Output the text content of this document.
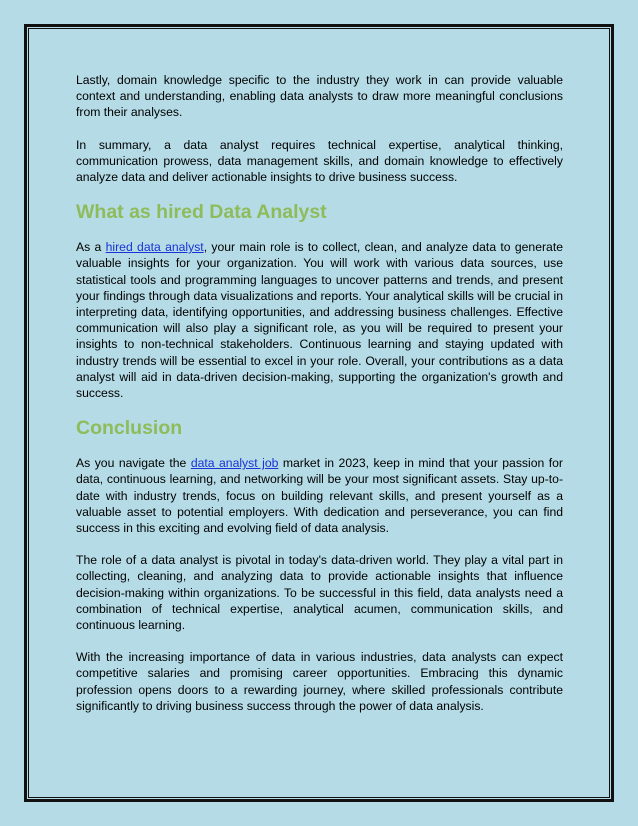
Lastly, domain knowledge specific to the industry they work in can provide valuable context and understanding, enabling data analysts to draw more meaningful conclusions from their analyses.

In summary, a data analyst requires technical expertise, analytical thinking, communication prowess, data management skills, and domain knowledge to effectively analyze data and deliver actionable insights to drive business success.

What as hired Data Analyst

As a hired data analyst, your main role is to collect, clean, and analyze data to generate valuable insights for your organization. You will work with various data sources, use statistical tools and programming languages to uncover patterns and trends, and present your findings through data visualizations and reports. Your analytical skills will be crucial in interpreting data, identifying opportunities, and addressing business challenges. Effective communication will also play a significant role, as you will be required to present your insights to non-technical stakeholders. Continuous learning and staying updated with industry trends will be essential to excel in your role. Overall, your contributions as a data analyst will aid in data-driven decision-making, supporting the organization's growth and success.

Conclusion

As you navigate the data analyst job market in 2023, keep in mind that your passion for data, continuous learning, and networking will be your most significant assets. Stay up-to-date with industry trends, focus on building relevant skills, and present yourself as a valuable asset to potential employers. With dedication and perseverance, you can find success in this exciting and evolving field of data analysis.

The role of a data analyst is pivotal in today's data-driven world. They play a vital part in collecting, cleaning, and analyzing data to provide actionable insights that influence decision-making within organizations. To be successful in this field, data analysts need a combination of technical expertise, analytical acumen, communication skills, and continuous learning.

With the increasing importance of data in various industries, data analysts can expect competitive salaries and promising career opportunities. Embracing this dynamic profession opens doors to a rewarding journey, where skilled professionals contribute significantly to driving business success through the power of data analysis.
